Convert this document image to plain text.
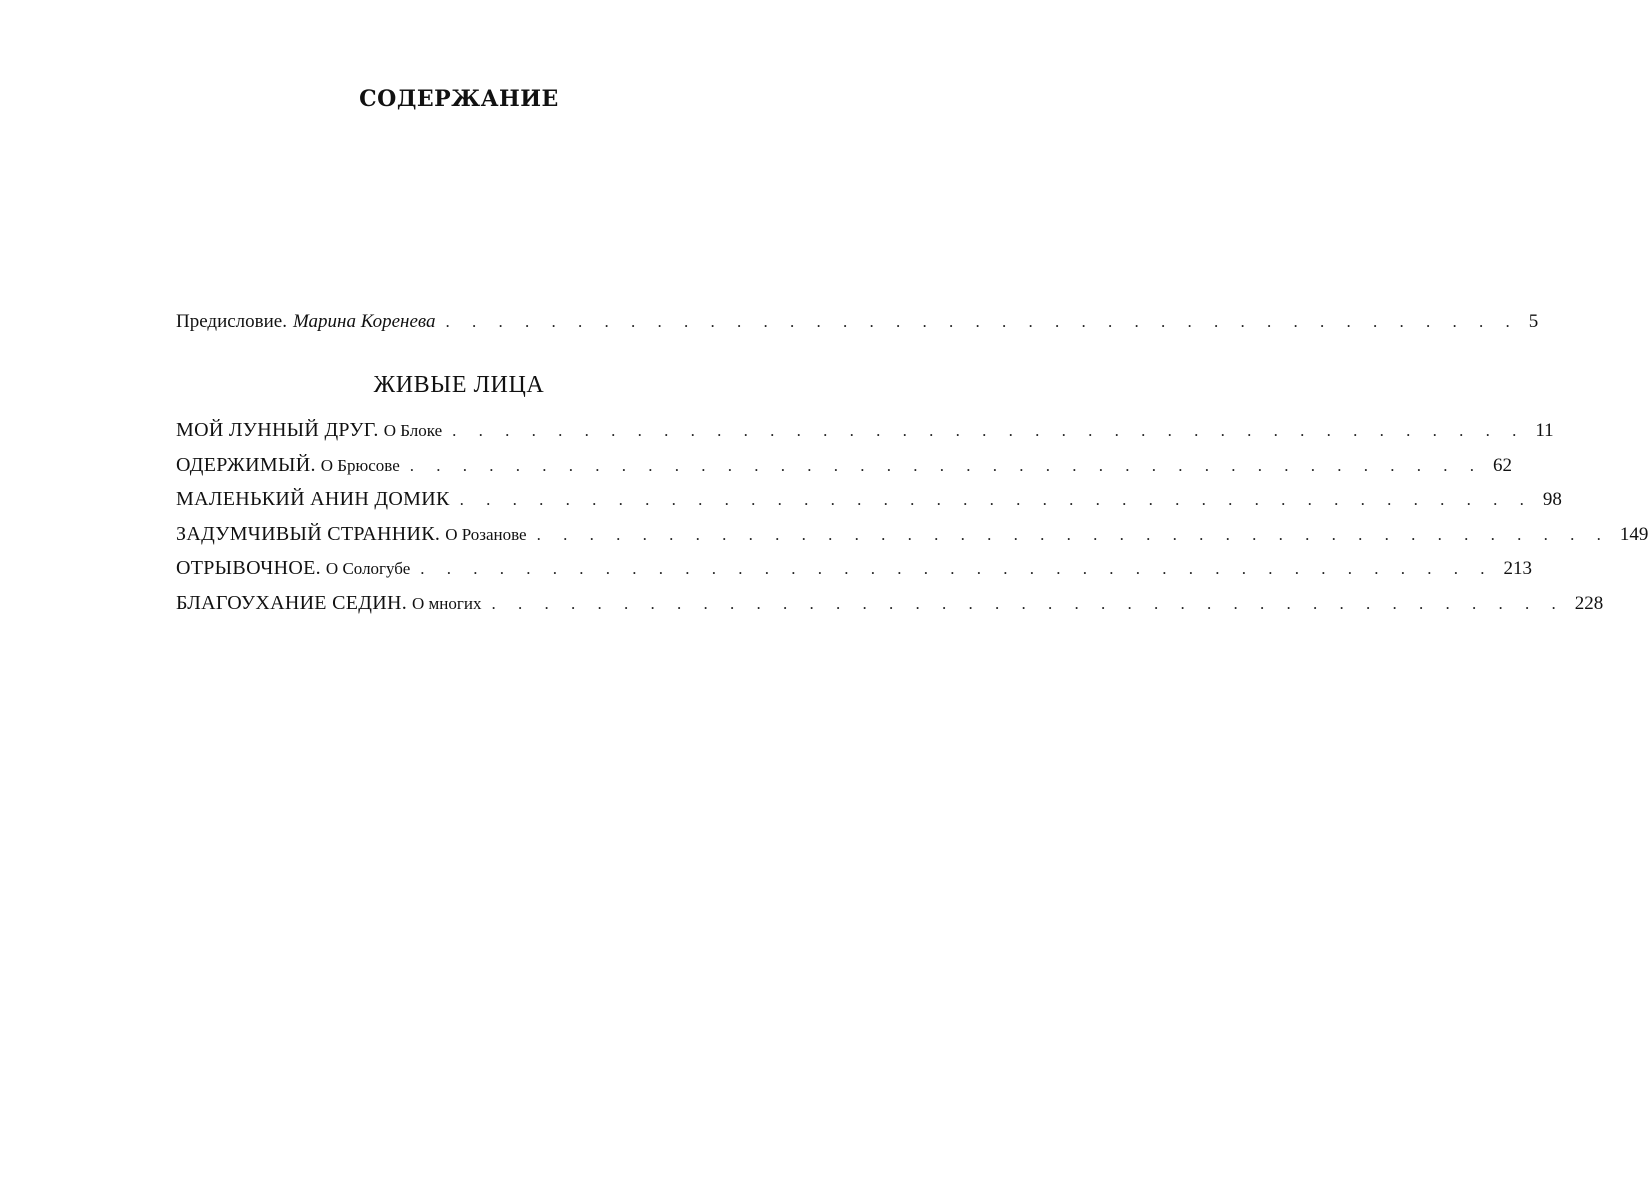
СОДЕРЖАНИЕ
Предисловие. Марина Коренева . . . . . . . . . . . . . . . . . . . . . . . . . . . . . . . . . . . . . . . . . 5
ЖИВЫЕ ЛИЦА
МОЙ ЛУННЫЙ ДРУГ. О Блоке . . . . . . . . . . . . . . . . . . . . . . . . . . . . . . . . . . . . . . . . . 11
ОДЕРЖИМЫЙ. О Брюсове . . . . . . . . . . . . . . . . . . . . . . . . . . . . . . . . . . . . . . . . . 62
МАЛЕНЬКИЙ АНИН ДОМИК . . . . . . . . . . . . . . . . . . . . . . . . . . . . . . . . . . . . . . . . . 98
ЗАДУМЧИВЫЙ СТРАННИК. О Розанове . . . . . . . . . . . . . . . . . . . . . . . . . . . . . . . . . . . . . . . . . 149
ОТРЫВОЧНОЕ. О Сологубе . . . . . . . . . . . . . . . . . . . . . . . . . . . . . . . . . . . . . . . . . 213
БЛАГОУХАНИЕ СЕДИН. О многих . . . . . . . . . . . . . . . . . . . . . . . . . . . . . . . . . . . . . . . . . 228
